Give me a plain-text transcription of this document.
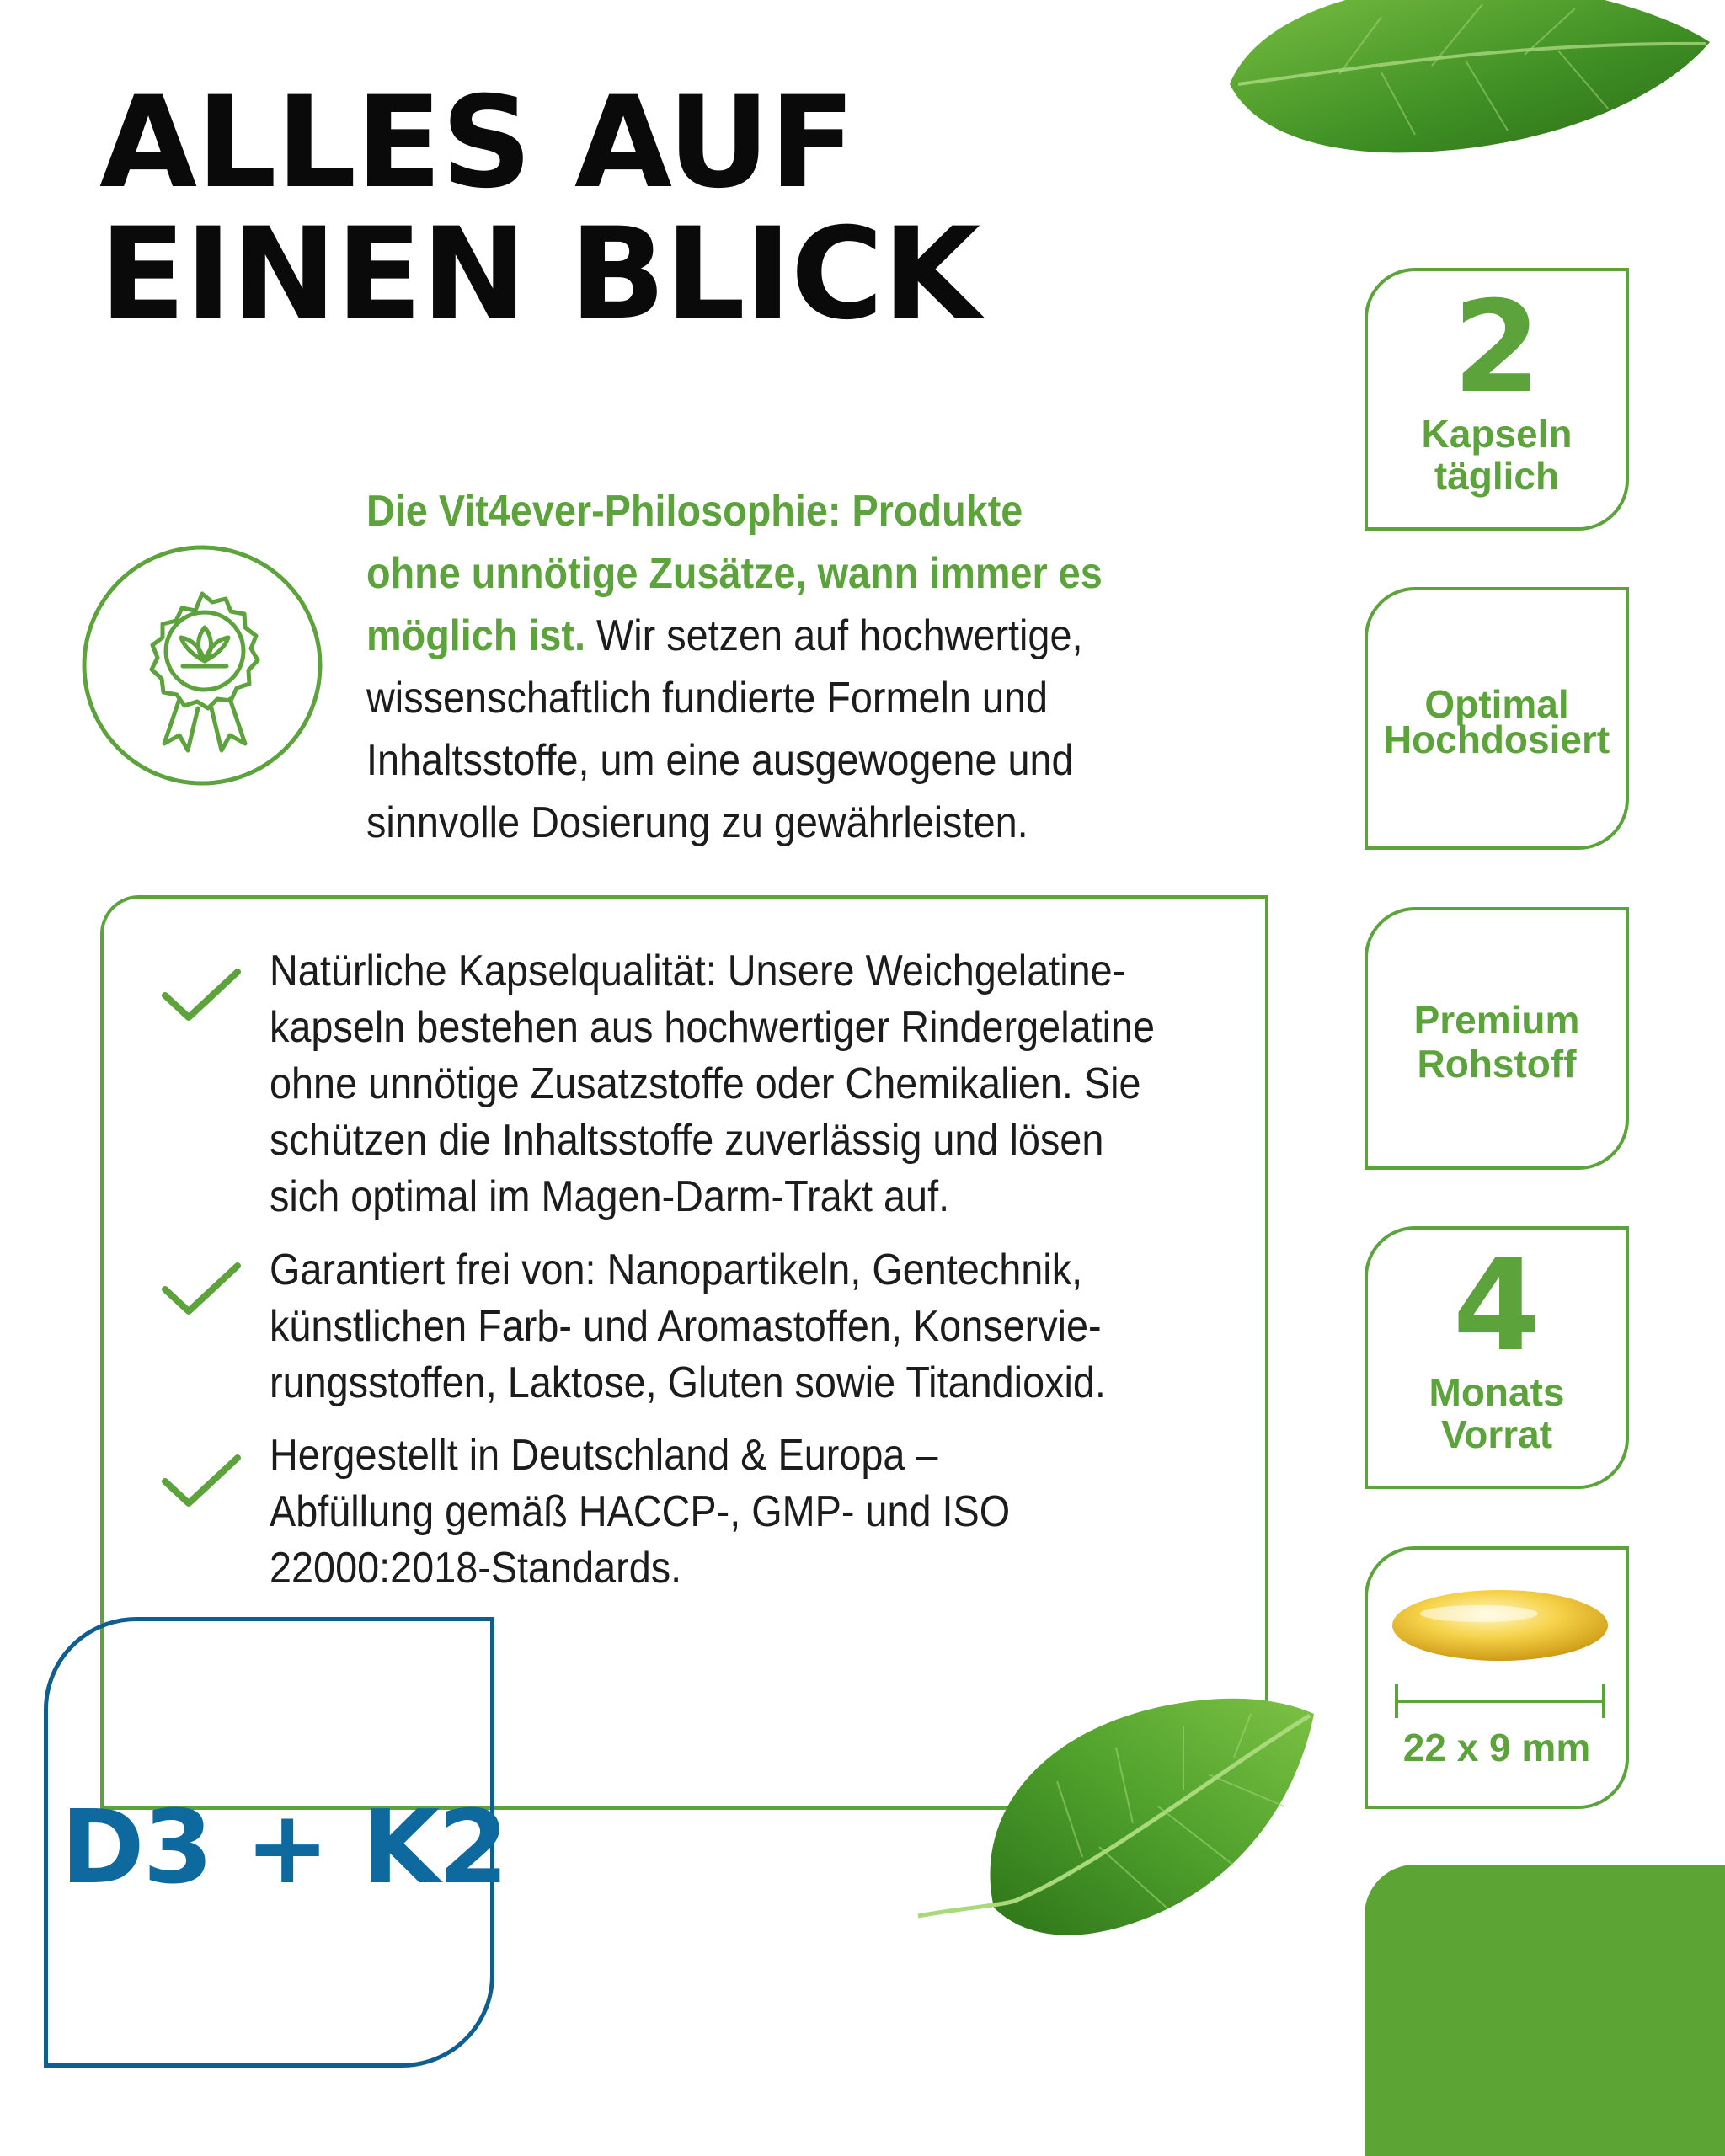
ALLES AUF
EINEN BLICK
Die Vit4ever-Philosophie: Produkte ohne unnötige Zusätze, wann immer es möglich ist. Wir setzen auf hochwertige, wissenschaftlich fundierte Formeln und Inhaltsstoffe, um eine ausgewogene und sinnvolle Dosierung zu gewährleisten.

Natürliche Kapselqualität: Unsere Weichgelatine-
kapseln bestehen aus hochwertiger Rindergelatine
ohne unnötige Zusatzstoffe oder Chemikalien. Sie
schützen die Inhaltsstoffe zuverlässig und lösen
sich optimal im Magen-Darm-Trakt auf.

Garantiert frei von: Nanopartikeln, Gentechnik,
künstlichen Farb- und Aromastoffen, Konservie-
rungsstoffen, Laktose, Gluten sowie Titandioxid.

Hergestellt in Deutschland & Europa –
Abfüllung gemäß HACCP-, GMP- und ISO
22000:2018-Standards.

D3 + K2
2
Kapseln
täglich
Optimal
Hochdosiert
Premium
Rohstoff
4
Monats
Vorrat
22 x 9 mm
